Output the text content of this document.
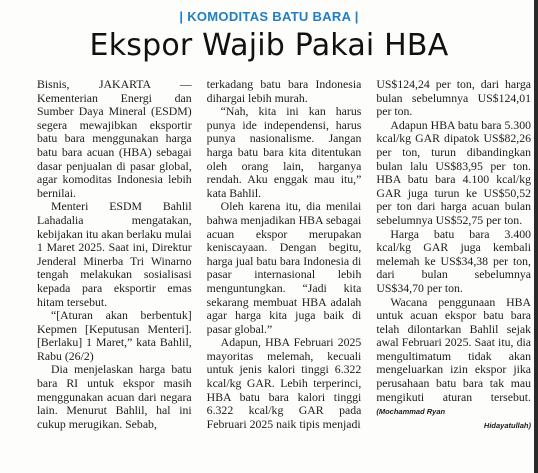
| KOMODITAS BATU BARA |
Ekspor Wajib Pakai HBA

Bisnis, JAKARTA — Kementerian Energi dan Sumber Daya Mineral (ESDM) segera mewajibkan eksportir batu bara menggunakan harga batu bara acuan (HBA) sebagai dasar penjualan di pasar global, agar komoditas Indonesia lebih bernilai.

Menteri ESDM Bahlil Lahadalia mengatakan, kebijakan itu akan berlaku mulai 1 Maret 2025. Saat ini, Direktur Jenderal Minerba Tri Winarno tengah melakukan sosialisasi kepada para eksportir emas hitam tersebut.

“[Aturan akan berbentuk] Kepmen [Keputusan Menteri]. [Berlaku] 1 Maret,” kata Bahlil, Rabu (26/2)

Dia menjelaskan harga batu bara RI untuk ekspor masih menggunakan acuan dari negara lain. Menurut Bahlil, hal ini cukup merugikan. Sebab,

terkadang batu bara Indonesia dihargai lebih murah.

“Nah, kita ini kan harus punya ide independensi, harus punya nasionalisme. Jangan harga batu bara kita ditentukan oleh orang lain, harganya rendah. Aku enggak mau itu,” kata Bahlil.

Oleh karena itu, dia menilai bahwa menjadikan HBA sebagai acuan ekspor merupakan keniscayaan. Dengan begitu, harga jual batu bara Indonesia di pasar internasional lebih menguntungkan. “Jadi kita sekarang membuat HBA adalah agar harga kita juga baik di pasar global.”

Adapun, HBA Februari 2025 mayoritas melemah, kecuali untuk jenis kalori tinggi 6.322 kcal/kg GAR. Lebih terperinci, HBA batu bara kalori tinggi 6.322 kcal/kg GAR pada Februari 2025 naik tipis menjadi

US$124,24 per ton, dari harga bulan sebelumnya US$124,01 per ton.

Adapun HBA batu bara 5.300 kcal/kg GAR dipatok US$82,26 per ton, turun dibandingkan bulan lalu US$83,95 per ton. HBA batu bara 4.100 kcal/kg GAR juga turun ke US$50,52 per ton dari harga acuan bulan sebelumnya US$52,75 per ton.

Harga batu bara 3.400 kcal/kg GAR juga kembali melemah ke US$34,38 per ton, dari bulan sebelumnya US$34,70 per ton.

Wacana penggunaan HBA untuk acuan ekspor batu bara telah dilontarkan Bahlil sejak awal Februari 2025. Saat itu, dia mengultimatum tidak akan mengeluarkan izin ekspor jika perusahaan batu bara tak mau mengikuti aturan tersebut. (Mochammad Ryan

Hidayatullah)
